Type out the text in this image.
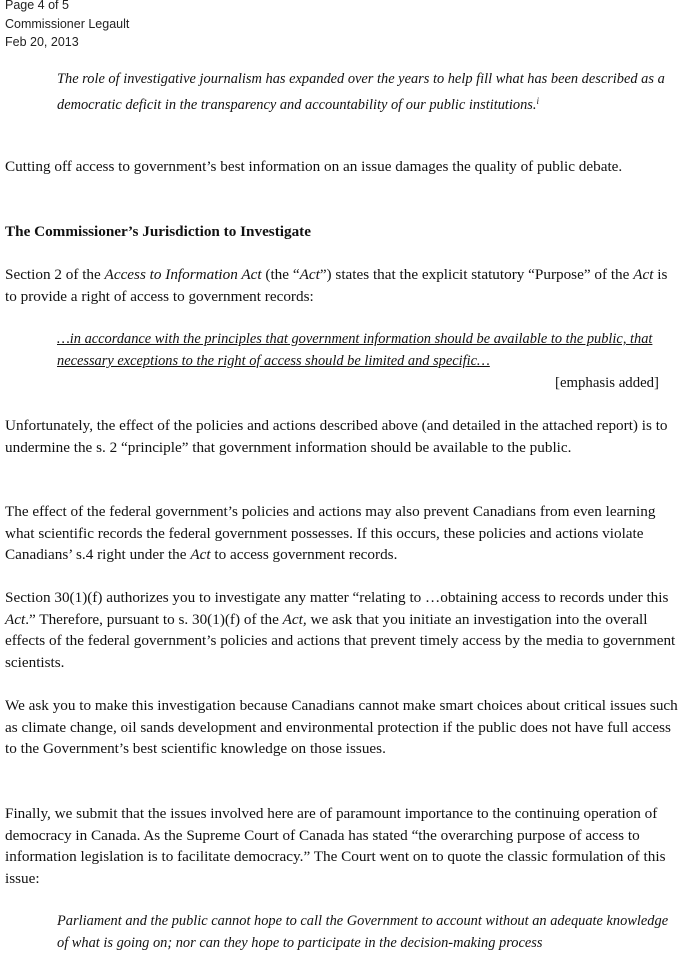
Page 4 of 5
Commissioner Legault
Feb 20, 2013

The role of investigative journalism has expanded over the years to help fill what has been described as a democratic deficit in the transparency and accountability of our public institutions.$^i$

Cutting off access to government’s best information on an issue damages the quality of public debate.

The Commissioner’s Jurisdiction to Investigate

Section 2 of the Access to Information Act (the “Act”) states that the explicit statutory “Purpose” of the Act is to provide a right of access to government records:

…in accordance with the principles that government information should be available to the public, that necessary exceptions to the right of access should be limited and specific…
[emphasis added]

Unfortunately, the effect of the policies and actions described above (and detailed in the attached report) is to undermine the s. 2 “principle” that government information should be available to the public.

The effect of the federal government’s policies and actions may also prevent Canadians from even learning what scientific records the federal government possesses. If this occurs, these policies and actions violate Canadians’ s.4 right under the Act to access government records.

Section 30(1)(f) authorizes you to investigate any matter “relating to …obtaining access to records under this Act.” Therefore, pursuant to s. 30(1)(f) of the Act, we ask that you initiate an investigation into the overall effects of the federal government’s policies and actions that prevent timely access by the media to government scientists.

We ask you to make this investigation because Canadians cannot make smart choices about critical issues such as climate change, oil sands development and environmental protection if the public does not have full access to the Government’s best scientific knowledge on those issues.

Finally, we submit that the issues involved here are of paramount importance to the continuing operation of democracy in Canada. As the Supreme Court of Canada has stated “the overarching purpose of access to information legislation is to facilitate democracy.” The Court went on to quote the classic formulation of this issue:

Parliament and the public cannot hope to call the Government to account without an adequate knowledge of what is going on; nor can they hope to participate in the decision-making process
